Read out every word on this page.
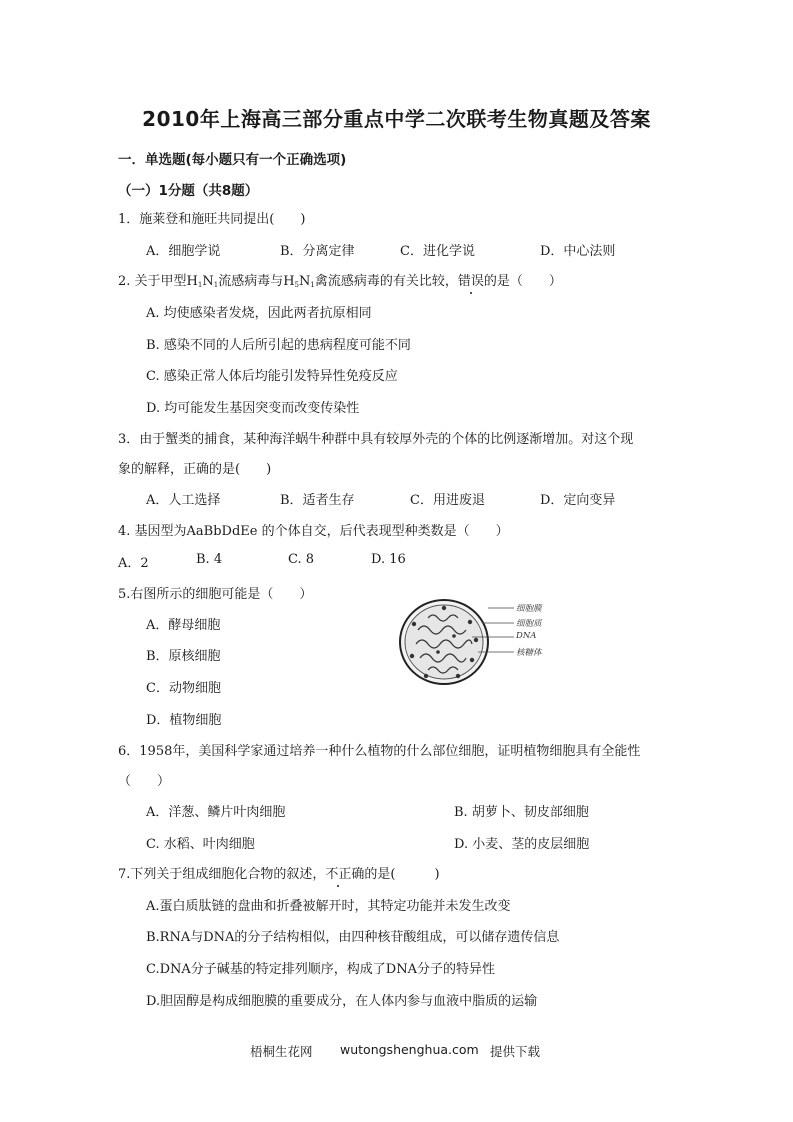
2010年上海高三部分重点中学二次联考生物真题及答案
一．单选题(每小题只有一个正确选项)
（一）1分题（共8题）
1．施莱登和施旺共同提出(　　)
A．细胞学说	B．分离定律	C．进化学说	D．中心法则
2. 关于甲型$H_1N_1$流感病毒与$H_5N_1$禽流感病毒的有关比较，错误的是（　　）
A. 均使感染者发烧，因此两者抗原相同
B. 感染不同的人后所引起的患病程度可能不同
C. 感染正常人体后均能引发特异性免疫反应
D. 均可能发生基因突变而改变传染性
3．由于蟹类的捕食，某种海洋蜗牛种群中具有较厚外壳的个体的比例逐渐增加。对这个现
象的解释，正确的是(　　)
A．人工选择	B．适者生存	C．用进废退	D．定向变异
4. 基因型为AaBbDdEe 的个体自交，后代表现型种类数是（　　）
A．2	B. 4	C. 8	D. 16
5.右图所示的细胞可能是（　　）
A．酵母细胞
B．原核细胞
C．动物细胞
D．植物细胞
细胞膜
细胞质
DNA
核糖体
6．1958年，美国科学家通过培养一种什么植物的什么部位细胞，证明植物细胞具有全能性
（　　）
A．洋葱、鳞片叶肉细胞	B. 胡萝卜、韧皮部细胞
C. 水稻、叶肉细胞	D. 小麦、茎的皮层细胞
7.下列关于组成细胞化合物的叙述，不正确的是(　　　)
A.蛋白质肽链的盘曲和折叠被解开时，其特定功能并未发生改变
B.RNA与DNA的分子结构相似，由四种核苷酸组成，可以储存遗传信息
C.DNA分子碱基的特定排列顺序，构成了DNA分子的特异性
D.胆固醇是构成细胞膜的重要成分，在人体内参与血液中脂质的运输
梧桐生花网 wutongshenghua.com 提供下载
